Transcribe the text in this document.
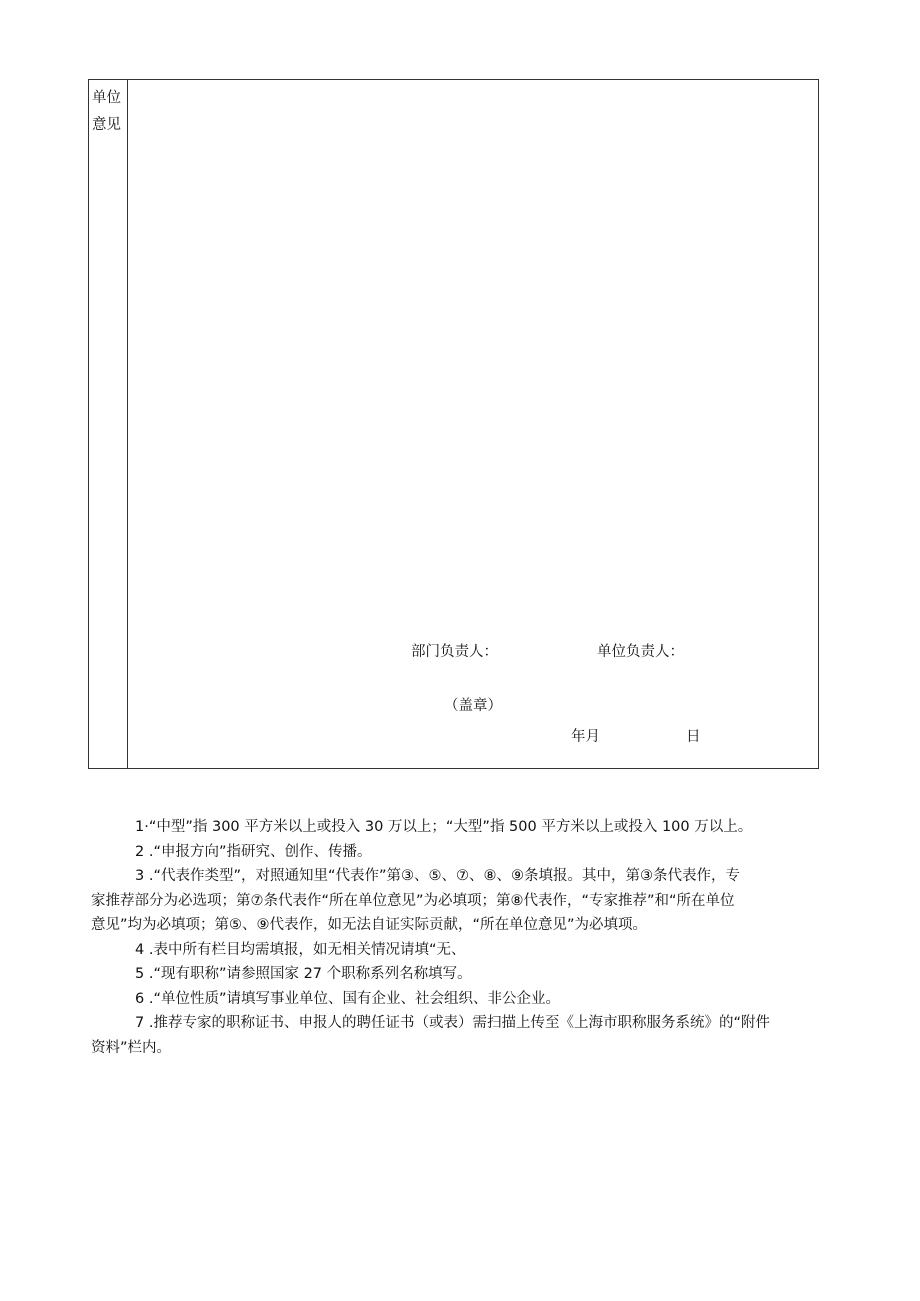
单位
意见
部门负责人：	单位负责人：
（盖章）
年月	日
1·“中型”指 300 平方米以上或投入 30 万以上；“大型”指 500 平方米以上或投入 100 万以上。
2 .“申报方向”指研究、创作、传播。
3 .“代表作类型”，对照通知里“代表作”第③、⑤、⑦、⑧、⑨条填报。其中，第③条代表作，专
家推荐部分为必选项；第⑦条代表作“所在单位意见”为必填项；第⑧代表作，“专家推荐”和“所在单位
意见”均为必填项；第⑤、⑨代表作，如无法自证实际贡献，“所在单位意见”为必填项。
4 .表中所有栏目均需填报，如无相关情况请填“无、
5 .“现有职称”请参照国家 27 个职称系列名称填写。
6 .“单位性质”请填写事业单位、国有企业、社会组织、非公企业。
7 .推荐专家的职称证书、申报人的聘任证书（或表）需扫描上传至《上海市职称服务系统》的“附件
资料”栏内。
